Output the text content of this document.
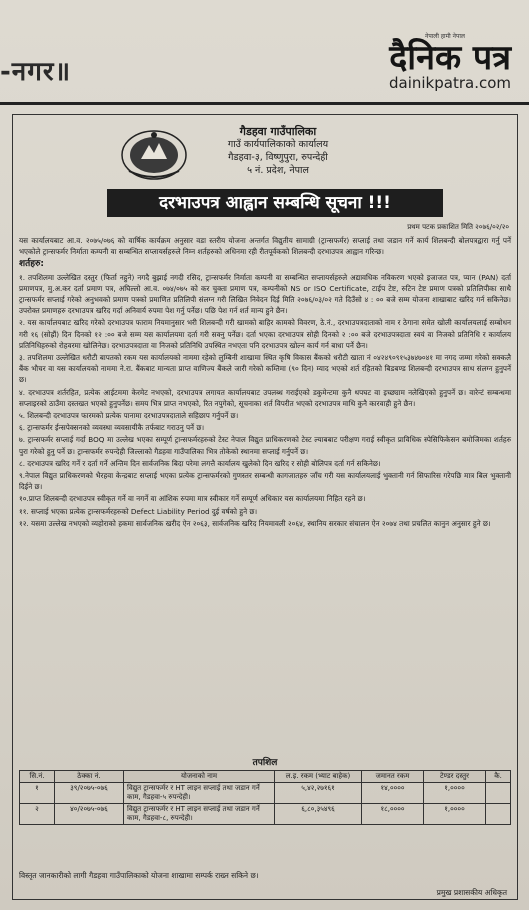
-नगर॥
नेपाली हामी नेपाल
दैनिक पत्र
dainikpatra.com
गैडहवा गाउँपालिका
गाउँ कार्यपालिकाको कार्यालय
गैडहवा-३, विष्णुपुरा, रुपन्देही
५ नं. प्रदेश, नेपाल
दरभाउपत्र आह्वान सम्बन्धि सूचना !!!
प्रथम पटक प्रकाशित मिति २०७६/०२/२०

यस कार्यालयबाट आ.व. २०७५/०७६ को वार्षिक कार्यक्रम अनुसार वडा स्तरीय योजना अन्तर्गत विद्युतीय सामाग्री (ट्रान्सफर्मर) सप्लाई तथा जडान गर्ने कार्य शिलबन्दी बोलपत्रद्वारा गर्नु पर्ने भएकोले ट्रान्सफर्मर निर्माता कम्पनी वा सम्बन्धित सप्लायर्सहरुले निम्न शर्तहरुको अधिनमा रही रीतपूर्वकको शिलबन्दी दरभाउपत्र आह्वान गरिन्छ।

शर्तहरु:

१. तपशिलमा उल्लेखित दस्तुर (फिर्ता नहुने) नगदै बुझाई नगदी रसिद, ट्रान्सफर्मर निर्माता कम्पनी वा सम्बन्धित सप्लायर्सहरुले अद्यावधिक नविकरण भएको इजाजत पत्र, प्यान (PAN) दर्ता प्रमाणपत्र, मु.अ.कर दर्ता प्रमाण पत्र, अघिल्लो आ.व. ०७४/०७५ को कर चुक्ता प्रमाण पत्र, कम्पनीको NS or ISO Certificate, टाईप टेष्ट, रुटिन टेष्ट प्रमाण पत्रको प्रतिलिपीका साथै ट्रान्सफर्मर सप्लाई गरेको अनुभवको प्रमाण पत्रको प्रमाणित प्रतिलिपी संलग्न गरी लिखित निवेदन दिई मिति २०७६/०३/०२ गते दिउँसो ४ : ०० बजे सम्म योजना शाखाबाट खरिद गर्न सकिनेछ। उपरोक्त प्रमाणहरु दरभाउपत्र खरिद गर्दा अनिवार्य रुपमा पेश गर्नु पर्नेछ। पछि पेश गर्न शर्त मान्य हुने छैन।

२. यस कार्यालयबाट खरिद गरेको दरभाउपत्र फाराम नियमानुसार भरी शिलबन्दी गरी खामको बाहिर कामको विवरण, ठे.नं., दरभाउपत्रदाताको नाम र ठेगाना समेत खोली कार्यालयलाई सम्बोधन गरी १६ (सोह्रौं) दिन दिनको १२ :०० बजे सम्म यस कार्यालयमा दर्ता गरी सक्नु पर्नेछ। दर्ता भएका दरभाउपत्र सोही दिनको २ :०० बजे दरभाउपत्रदाता स्वयं वा निजको प्रतिनिधि र कार्यालय प्रतिनिधिहरुको रोहवरमा खोलिनेछ। दरभाउपत्रदाता वा निजको प्रतिनिधि उपस्थित नभएता पनि दरभाउपत्र खोल्न कार्य गर्न बाधा पर्ने छैन।

३. तपशिलमा उल्लेखित धरौटी बापतको रकम यस कार्यालयको नाममा रहेको लुम्बिनी शाखामा स्थित कृषि विकास बैंकको धरौटी खाता नं ०४२४९०९१५३७४७०४१ मा नगद जम्मा गरेको सक्कलै बैंक भौचर वा यस कार्यालयको नाममा ने.रा. बैंकबाट मान्यता प्राप्त वाणिज्य बैंकले जारी गरेको कम्तिमा (९० दिन) म्याद भएको शर्त रहितको बिडबण्ड शिलबन्दी दरभाउपत्र साथ संलग्न हुनुपर्ने छ।

४. दरभाउपत्र शर्तरहित, प्रत्येक आईटममा केरमेट नभएको, दरभाउपत्र लगायत कार्यालयबाट उपलब्ध गराईएको डकुमेन्टमा कुनै थपघट वा इच्छ्याम नलेखिएको हुनुपर्ने छ। वारेन्टं सम्बन्धमा सप्लाइरको ठाउँमा दस्तखत भएको हुनुपर्नेछ। समय भित्र प्राप्त नभएको, रित नपुगेको, सूचनाका शर्त विपरीत भएको दरभाउपत्र माथि कुनै कारवाही हुने छैन।

५. शिलबन्दी दरभाउपत्र फारमको प्रत्येक पानामा दरभाउपत्रदाताले सहिछाप गर्नुपर्ने छ।

६. ट्रान्सफर्मर ईन्सपेक्सनको व्यवस्था व्यवसायीकै तर्फबाट गराउनु पर्ने छ।

७. ट्रान्सफर्मर सप्लाई गर्दा BOQ मा उल्लेख भएका सम्पूर्ण ट्रान्सफर्मरहरुको टेस्ट नेपाल विद्युत प्राधिकरणको टेस्ट ल्याबबाट परीक्षण गराई स्वीकृत प्राविधिक स्पेसिफिकेसन बमोजिमका शर्तहरु पुरा गरेको हुनु पर्ने छ। ट्रान्सफर्मर रुपन्देही जिल्लाको गैडहवा गाउँपालिका भित्र तोकेको स्थानमा सप्लाई गर्नुपर्ने छ।

८. दरभाउपत्र खरिद गर्ने र दर्ता गर्ने अन्तिम दिन सार्वजनिक बिदा परेमा लगत्तै कार्यालय खुलेको दिन खरिद र सोही बोलिपत्र दर्ता गर्न सकिनेछ।

९.नेपाल विद्युत प्राधिकरणको भैरहवा केन्द्रबाट सप्लाई भएका प्रत्येक ट्रान्सफर्मरको गुणस्तर सम्बन्धी कागजातहरु जाँच गरी यस कार्यालयलाई भुक्तानी गर्न सिफारिस गरेपछि मात्र बिल भुक्तानी दिईने छ।

१०.प्राप्त शिलबन्दी दरभाउपत्र स्वीकृत गर्ने वा नगर्ने वा आंशिक रुपमा मात्र स्वीकार गर्ने सम्पूर्ण अधिकार यस कार्यालयमा निहित रहने छ।

११. सप्लाई भएका प्रत्येक ट्रान्सफर्मरहरुको Defect Liability Period दुई वर्षको हुने छ।

१२. यसमा उल्लेख नभएको व्यहोराको हकमा सार्वजनिक खरीद ऐन २०६३, सार्वजनिक खरिद नियमावली २०६४, स्थानिय सरकार संचालन ऐन २०७४ तथा प्रचलित कानुन अनुसार हुने छ।

तपशिल
सि.नं.	ठेक्का नं.	योजनाको नाम	ल.इ. रकम (भ्याट बाहेक)	जमानत रकम	टेण्डर दस्तुर	कै.
१	३९/२०७५-०७६	विद्युत ट्रान्सफर्मर र HT लाइन सप्लाई तथा जडान गर्ने काम, गैडहवा-५ रुपन्देही।	५,४२,२७१६१	१४,००००	१,००००	
२	४०/२०७५-०७६	विद्युत ट्रान्सफर्मर र HT लाइन सप्लाई तथा जडान गर्ने काम, गैडहवा-८, रुपन्देही।	६,८०,३५४९६	१८,००००	१,००००	
विस्तृत जानकारीको लागी गैडहवा गाउँपालिकाको योजना शाखामा सम्पर्क राख्न सकिने छ।
प्रमुख प्रशासकीय अधिकृत
